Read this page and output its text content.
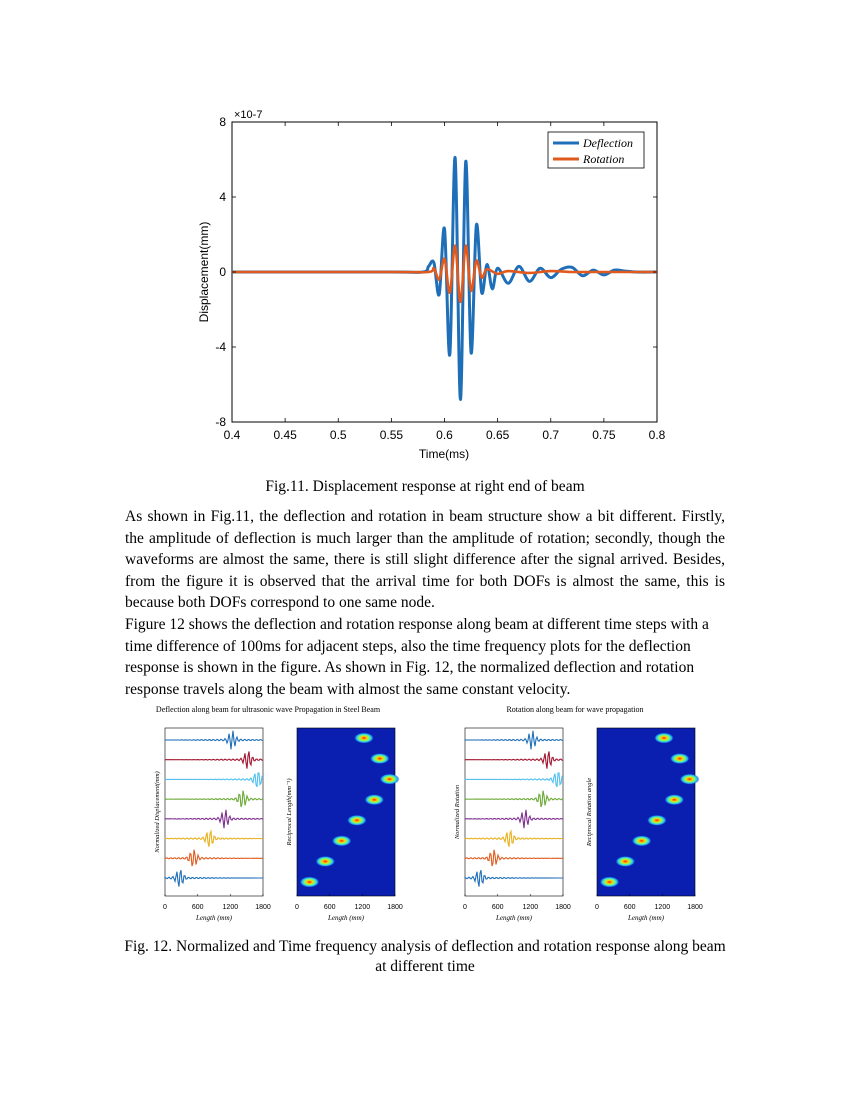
0.4	0.45	0.5	0.55	0.6	0.65	0.7	0.75	0.8
8
4
0
-4
-8
×10-7
Time(ms)
Displacement(mm)
Deflection
Rotation
Fig.11. Displacement response at right end of beam
As shown in Fig.11, the deflection and rotation in beam structure show a bit different. Firstly, the amplitude of deflection is much larger than the amplitude of rotation; secondly, though the waveforms are almost the same, there is still slight difference after the signal arrived. Besides, from the figure it is observed that the arrival time for both DOFs is almost the same, this is because both DOFs correspond to one same node.
Figure 12 shows the deflection and rotation response along beam at different time steps with a time difference of 100ms for adjacent steps, also the time frequency plots for the deflection response is shown in the figure. As shown in Fig. 12, the normalized deflection and rotation response travels along the beam with almost the same constant velocity.
Deflection along beam for ultrasonic wave Propagation in Steel Beam	Rotation along beam for wave propagation
0	600	1200 1800
Length (mm)
Normalized Displacement(mm)
0	600	1200 1800
Length (mm)
Reciprocal Length(mm⁻¹)
0	600	1200 1800
Length (mm)
Normalized Rotation
0	600	1200 1800
Length (mm)
Reciprocal Rotation angle
Fig. 12. Normalized and Time frequency analysis of deflection and rotation response along beam
at different time
